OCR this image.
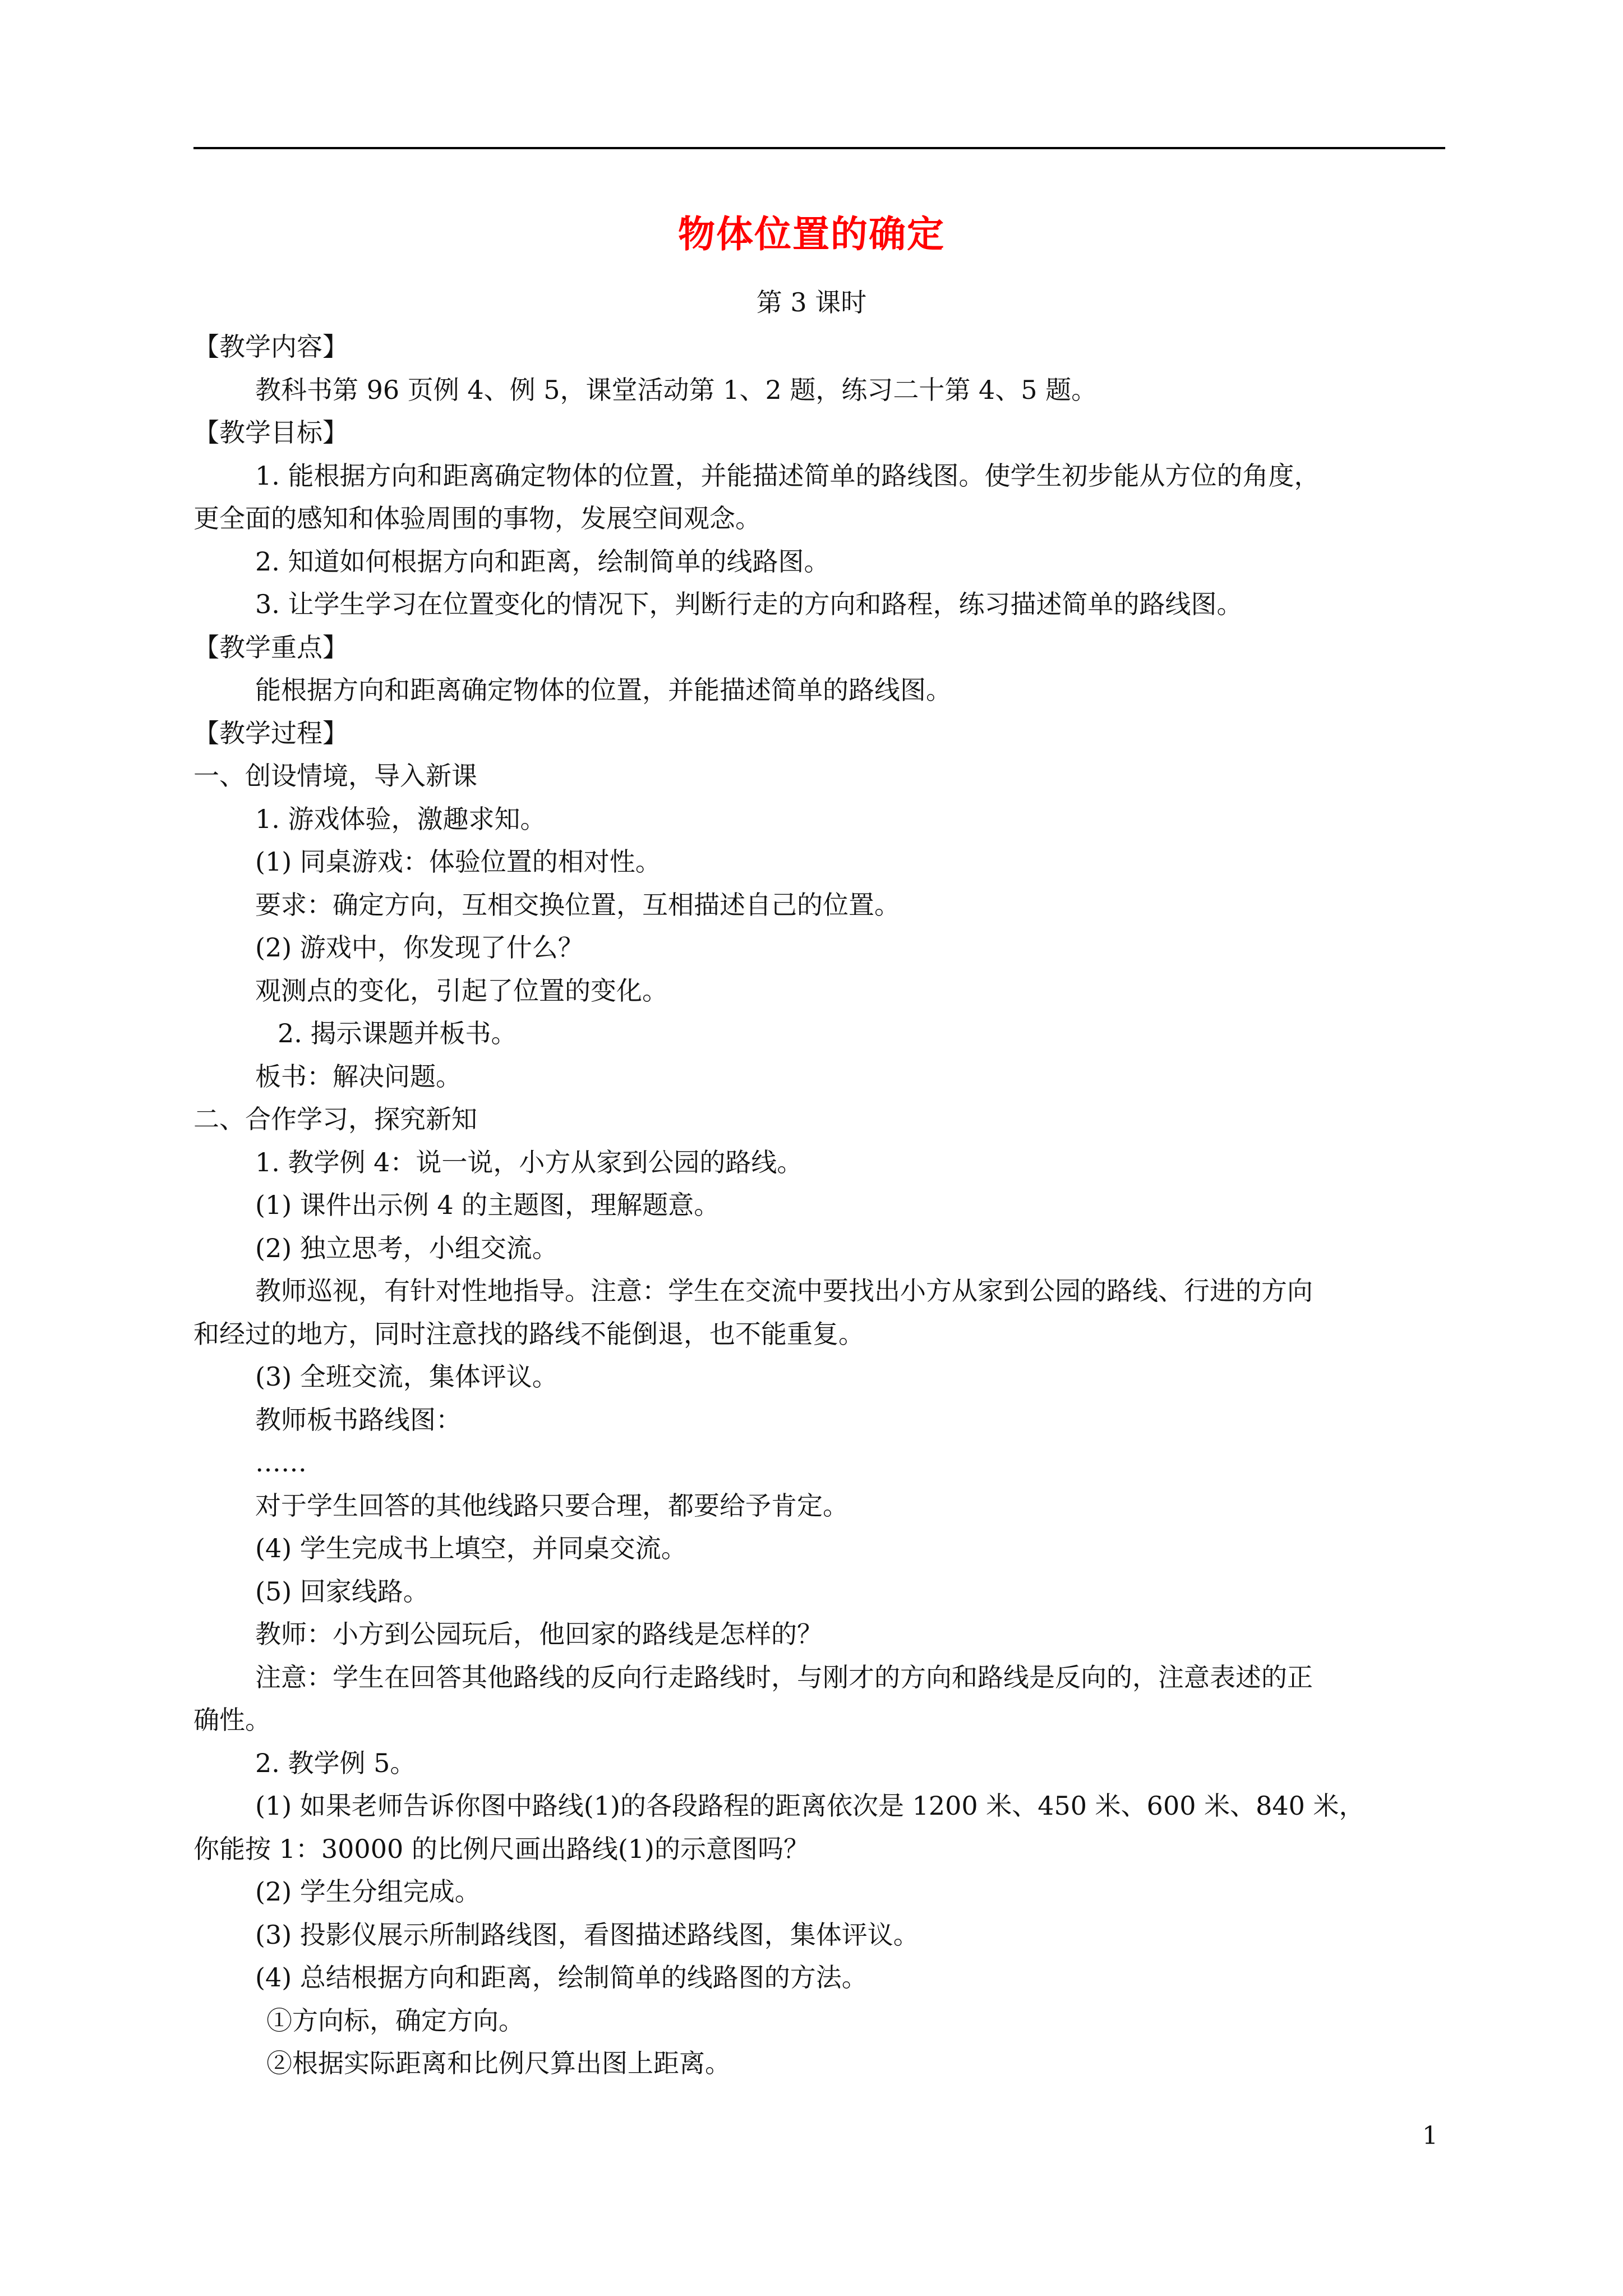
物体位置的确定
第 3 课时
【教学内容】
教科书第 96 页例 4、例 5，课堂活动第 1、2 题，练习二十第 4、5 题。
【教学目标】
1. 能根据方向和距离确定物体的位置，并能描述简单的路线图。使学生初步能从方位的角度，
更全面的感知和体验周围的事物，发展空间观念。
2. 知道如何根据方向和距离，绘制简单的线路图。
3. 让学生学习在位置变化的情况下，判断行走的方向和路程，练习描述简单的路线图。
【教学重点】
能根据方向和距离确定物体的位置，并能描述简单的路线图。
【教学过程】
一、创设情境，导入新课
1. 游戏体验，激趣求知。
(1) 同桌游戏：体验位置的相对性。
要求：确定方向，互相交换位置，互相描述自己的位置。
(2) 游戏中，你发现了什么？
观测点的变化，引起了位置的变化。
2. 揭示课题并板书。
板书：解决问题。
二、合作学习，探究新知
1. 教学例 4：说一说，小方从家到公园的路线。
(1) 课件出示例 4 的主题图，理解题意。
(2) 独立思考，小组交流。
教师巡视，有针对性地指导。注意：学生在交流中要找出小方从家到公园的路线、行进的方向
和经过的地方，同时注意找的路线不能倒退，也不能重复。
(3) 全班交流，集体评议。
教师板书路线图：
……
对于学生回答的其他线路只要合理，都要给予肯定。
(4) 学生完成书上填空，并同桌交流。
(5) 回家线路。
教师：小方到公园玩后，他回家的路线是怎样的？
注意：学生在回答其他路线的反向行走路线时，与刚才的方向和路线是反向的，注意表述的正
确性。
2. 教学例 5。
(1) 如果老师告诉你图中路线(1)的各段路程的距离依次是 1200 米、450 米、600 米、840 米，
你能按 1：30000 的比例尺画出路线(1)的示意图吗？
(2) 学生分组完成。
(3) 投影仪展示所制路线图，看图描述路线图，集体评议。
(4) 总结根据方向和距离，绘制简单的线路图的方法。
①方向标，确定方向。
②根据实际距离和比例尺算出图上距离。
1
